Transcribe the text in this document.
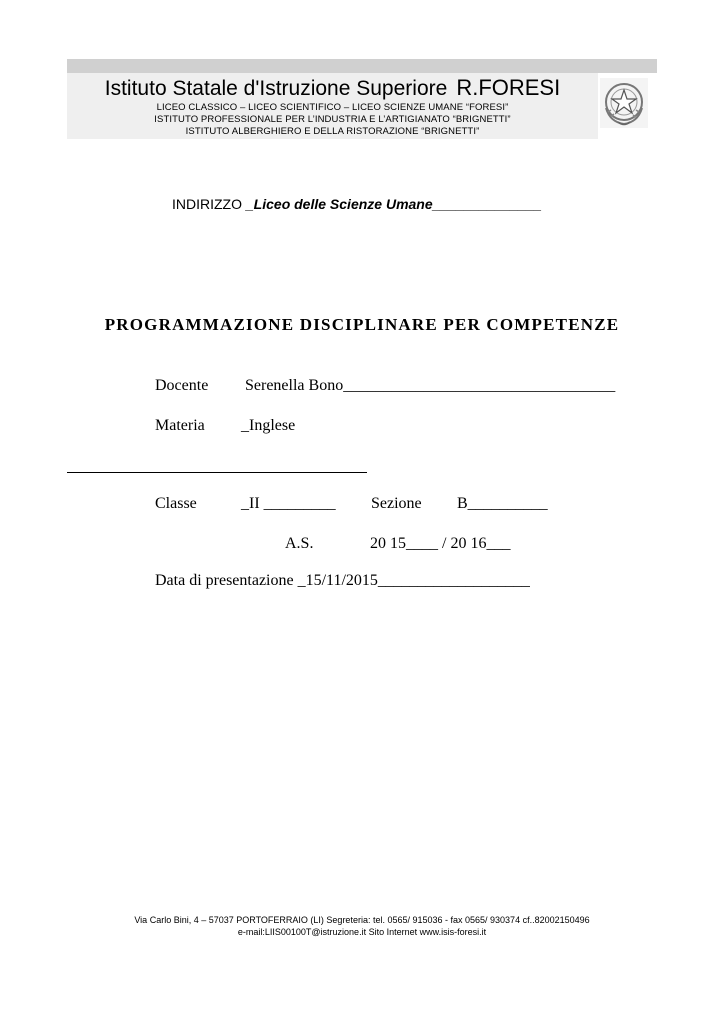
Istituto Statale d'Istruzione Superiore R.FORESI
LICEO CLASSICO – LICEO SCIENTIFICO – LICEO SCIENZE UMANE “FORESI”
ISTITUTO PROFESSIONALE PER L’INDUSTRIA E L’ARTIGIANATO “BRIGNETTI”
ISTITUTO ALBERGHIERO E DELLA RISTORAZIONE “BRIGNETTI”
INDIRIZZO _Liceo delle Scienze Umane______________
PROGRAMMAZIONE DISCIPLINARE PER COMPETENZE
Docente Serenella Bono__________________________________
Materia _Inglese
Classe	_II _________ Sezione B__________
A.S.	20 15____ / 20 16___
Data di presentazione _15/11/2015___________________
Via Carlo Bini, 4 – 57037 PORTOFERRAIO (LI) Segreteria: tel. 0565/ 915036 - fax 0565/ 930374 cf..82002150496
e-mail:LIIS00100T@istruzione.it Sito Internet www.isis-foresi.it
